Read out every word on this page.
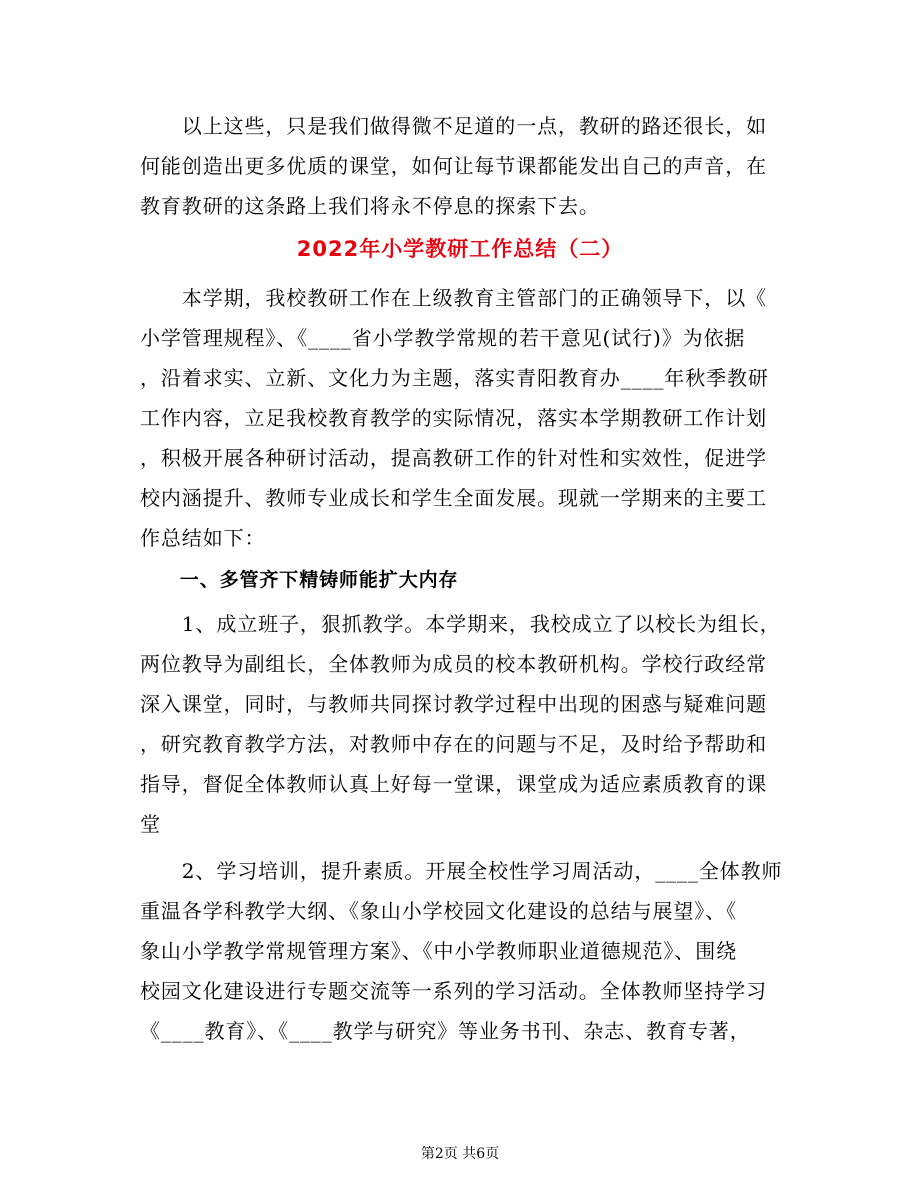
　　以上这些，只是我们做得微不足道的一点，教研的路还很长，如
何能创造出更多优质的课堂，如何让每节课都能发出自己的声音，在
教育教研的这条路上我们将永不停息的探索下去。
2022年小学教研工作总结（二）
　　本学期，我校教研工作在上级教育主管部门的正确领导下，以《
小学管理规程》、《____省小学教学常规的若干意见(试行)》为依据
，沿着求实、立新、文化力为主题，落实青阳教育办____年秋季教研
工作内容，立足我校教育教学的实际情况，落实本学期教研工作计划
，积极开展各种研讨活动，提高教研工作的针对性和实效性，促进学
校内涵提升、教师专业成长和学生全面发展。现就一学期来的主要工
作总结如下：
　　一、多管齐下精铸师能扩大内存
　　1、成立班子，狠抓教学。本学期来，我校成立了以校长为组长，
两位教导为副组长，全体教师为成员的校本教研机构。学校行政经常
深入课堂，同时，与教师共同探讨教学过程中出现的困惑与疑难问题
，研究教育教学方法，对教师中存在的问题与不足，及时给予帮助和
指导，督促全体教师认真上好每一堂课，课堂成为适应素质教育的课
堂
　　2、学习培训，提升素质。开展全校性学习周活动，____全体教师
重温各学科教学大纲、《象山小学校园文化建设的总结与展望》、《
象山小学教学常规管理方案》、《中小学教师职业道德规范》、围绕
校园文化建设进行专题交流等一系列的学习活动。全体教师坚持学习
《____教育》、《____教学与研究》等业务书刊、杂志、教育专著，
第2页 共6页
